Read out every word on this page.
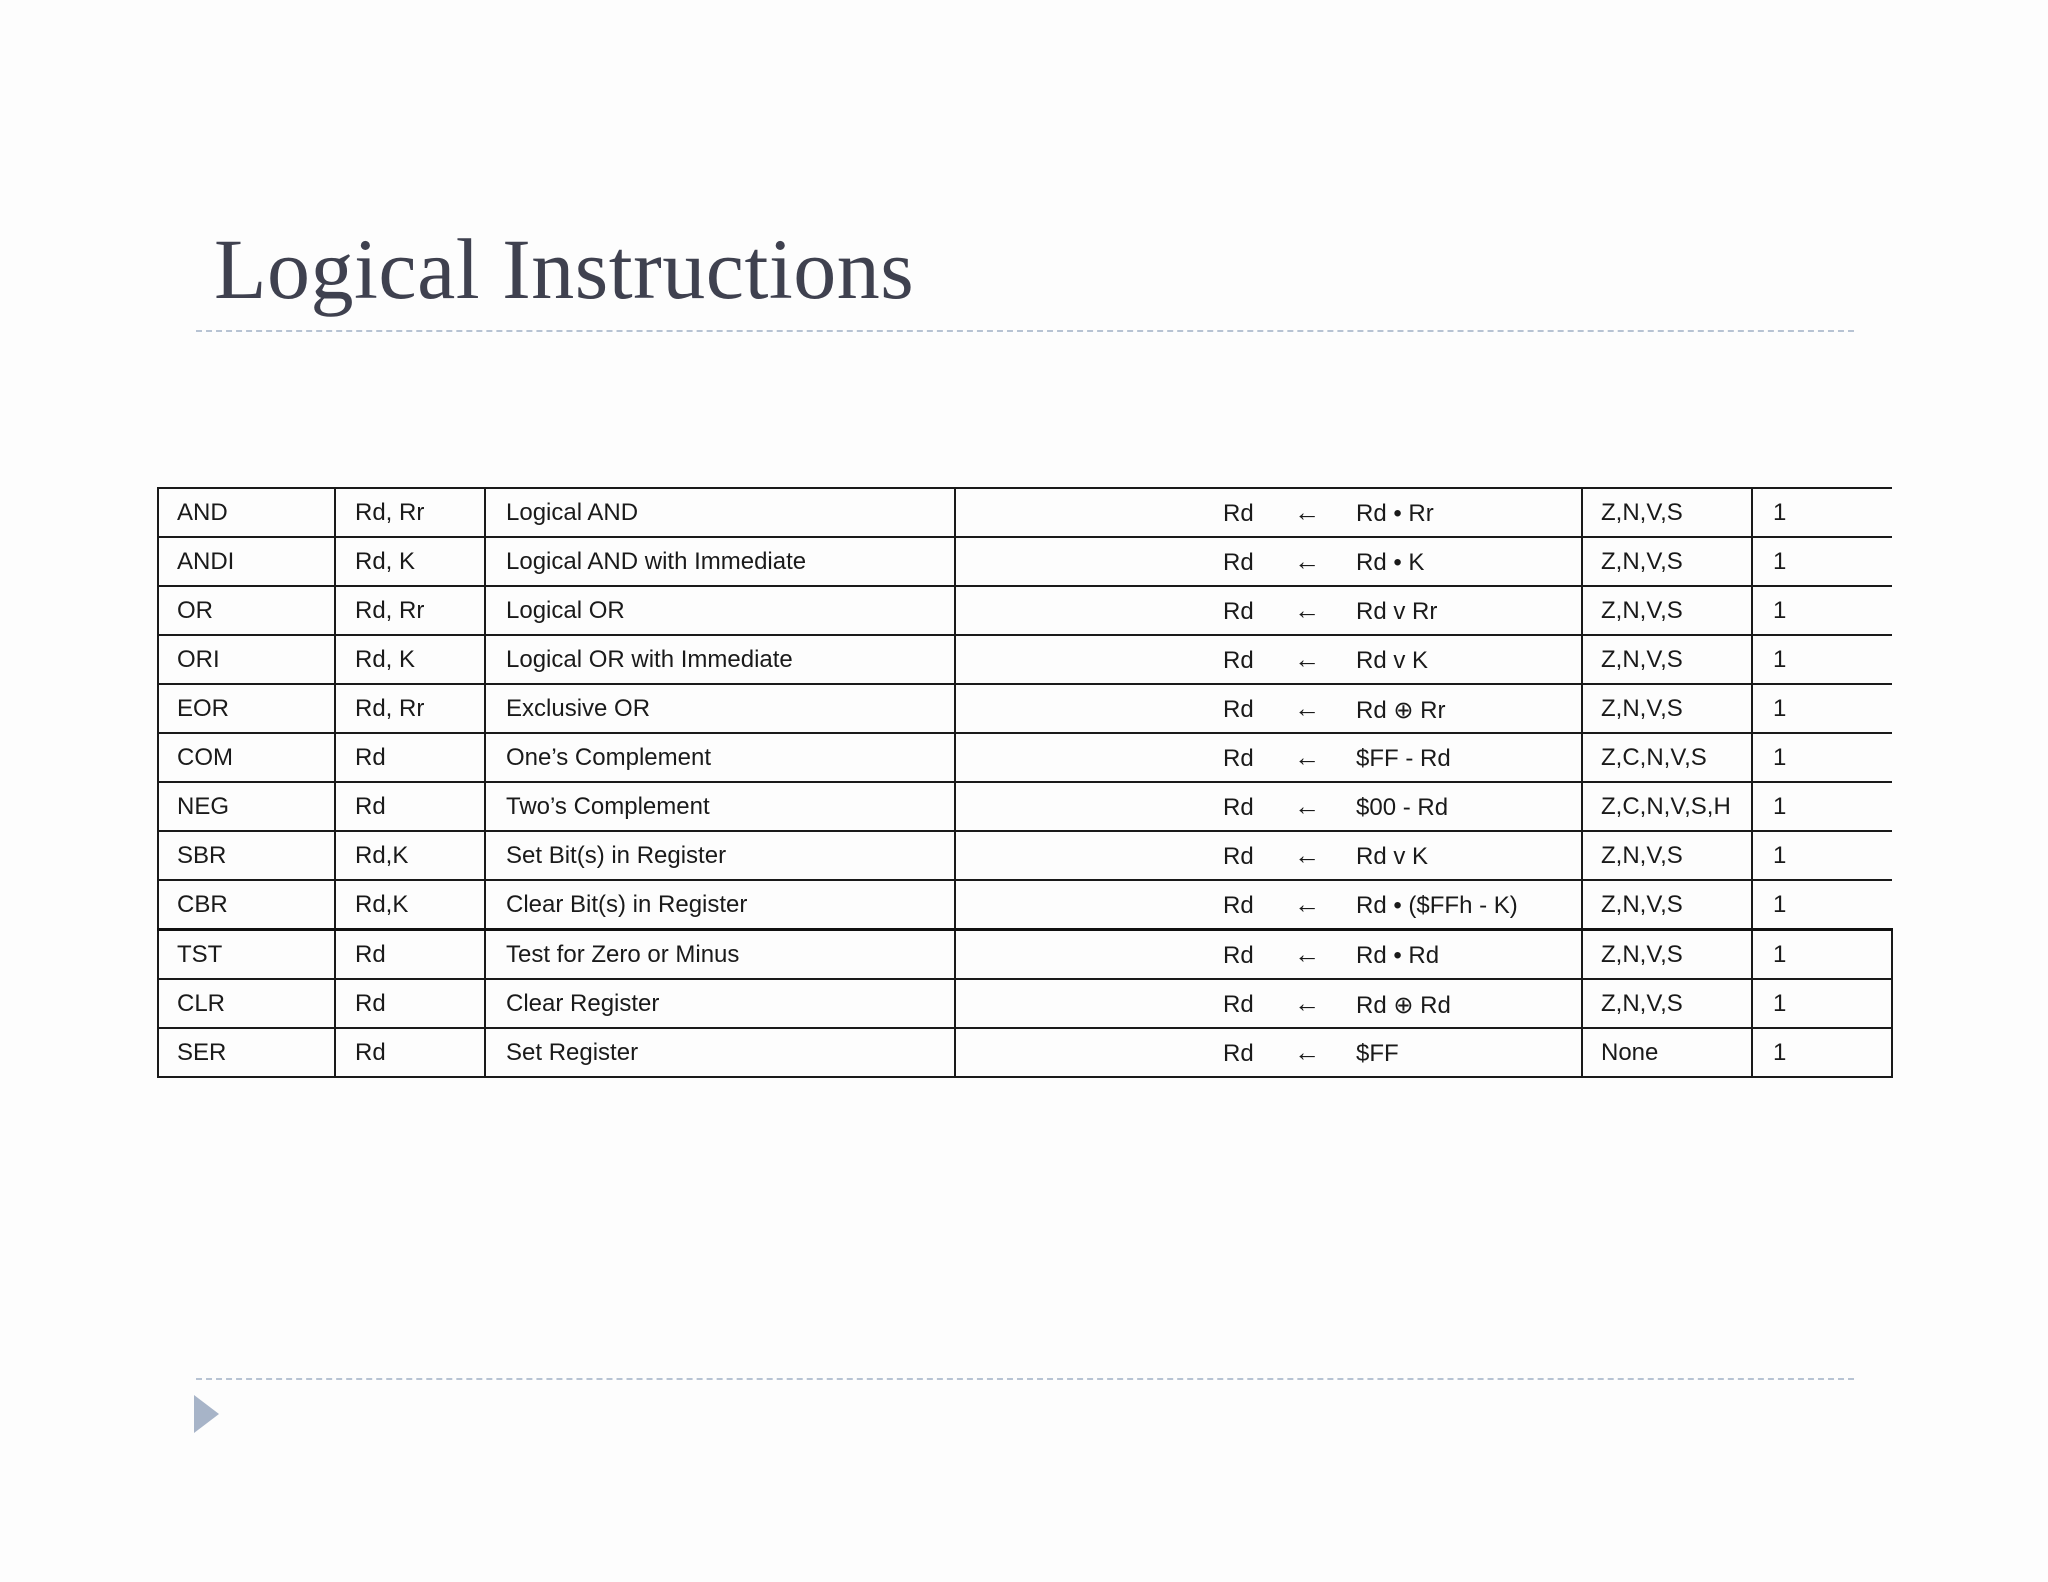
Logical Instructions
AND	Rd, Rr	Logical AND	Rd ← Rd • Rr	Z,N,V,S	1
ANDI	Rd, K	Logical AND with Immediate	Rd ← Rd • K	Z,N,V,S	1
OR	Rd, Rr	Logical OR	Rd ← Rd v Rr	Z,N,V,S	1
ORI	Rd, K	Logical OR with Immediate	Rd ← Rd v K	Z,N,V,S	1
EOR	Rd, Rr	Exclusive OR	Rd ← Rd ⊕ Rr	Z,N,V,S	1
COM	Rd	One’s Complement	Rd ← $FF - Rd	Z,C,N,V,S	1
NEG	Rd	Two’s Complement	Rd ← $00 - Rd	Z,C,N,V,S,H	1
SBR	Rd,K	Set Bit(s) in Register	Rd ← Rd v K	Z,N,V,S	1
CBR	Rd,K	Clear Bit(s) in Register	Rd ← Rd • ($FFh - K)	Z,N,V,S	1
TST	Rd	Test for Zero or Minus	Rd ← Rd • Rd	Z,N,V,S	1
CLR	Rd	Clear Register	Rd ← Rd ⊕ Rd	Z,N,V,S	1
SER	Rd	Set Register	Rd ← $FF	None	1
